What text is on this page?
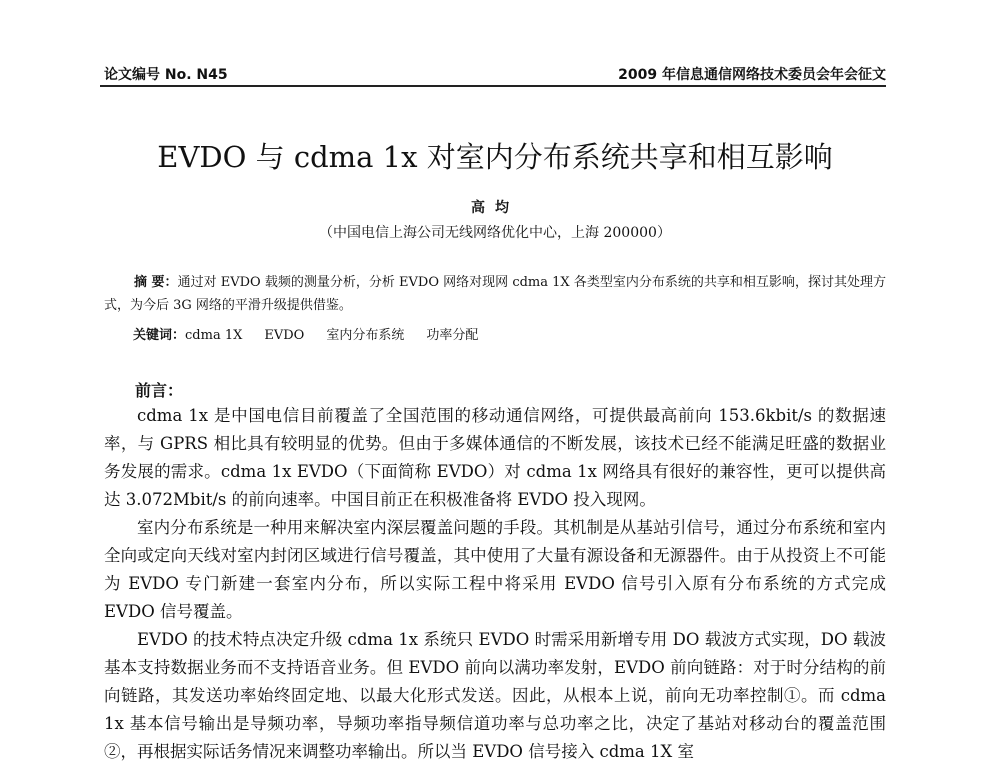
论文编号 No. N45	2009 年信息通信网络技术委员会年会征文
EVDO 与 cdma 1x 对室内分布系统共享和相互影响
高均
（中国电信上海公司无线网络优化中心，上海 200000）
摘 要：通过对 EVDO 载频的测量分析，分析 EVDO 网络对现网 cdma 1X 各类型室内分布系统的共享和相互影响，探讨其处理方式，为今后 3G 网络的平滑升级提供借鉴。
关键词：cdma 1X EVDO 室内分布系统 功率分配
前言：

cdma 1x 是中国电信目前覆盖了全国范围的移动通信网络，可提供最高前向 153.6kbit/s 的数据速率，与 GPRS 相比具有较明显的优势。但由于多媒体通信的不断发展，该技术已经不能满足旺盛的数据业务发展的需求。cdma 1x EVDO（下面简称 EVDO）对 cdma 1x 网络具有很好的兼容性，更可以提供高达 3.072Mbit/s 的前向速率。中国目前正在积极准备将 EVDO 投入现网。

室内分布系统是一种用来解决室内深层覆盖问题的手段。其机制是从基站引信号，通过分布系统和室内全向或定向天线对室内封闭区域进行信号覆盖，其中使用了大量有源设备和无源器件。由于从投资上不可能为 EVDO 专门新建一套室内分布，所以实际工程中将采用 EVDO 信号引入原有分布系统的方式完成 EVDO 信号覆盖。

EVDO 的技术特点决定升级 cdma 1x 系统只 EVDO 时需采用新增专用 DO 载波方式实现，DO 载波基本支持数据业务而不支持语音业务。但 EVDO 前向以满功率发射，EVDO 前向链路：对于时分结构的前向链路，其发送功率始终固定地、以最大化形式发送。因此，从根本上说，前向无功率控制①。而 cdma 1x 基本信号输出是导频功率，导频功率指导频信道功率与总功率之比，决定了基站对移动台的覆盖范围②，再根据实际话务情况来调整功率输出。所以当 EVDO 信号接入 cdma 1X 室
